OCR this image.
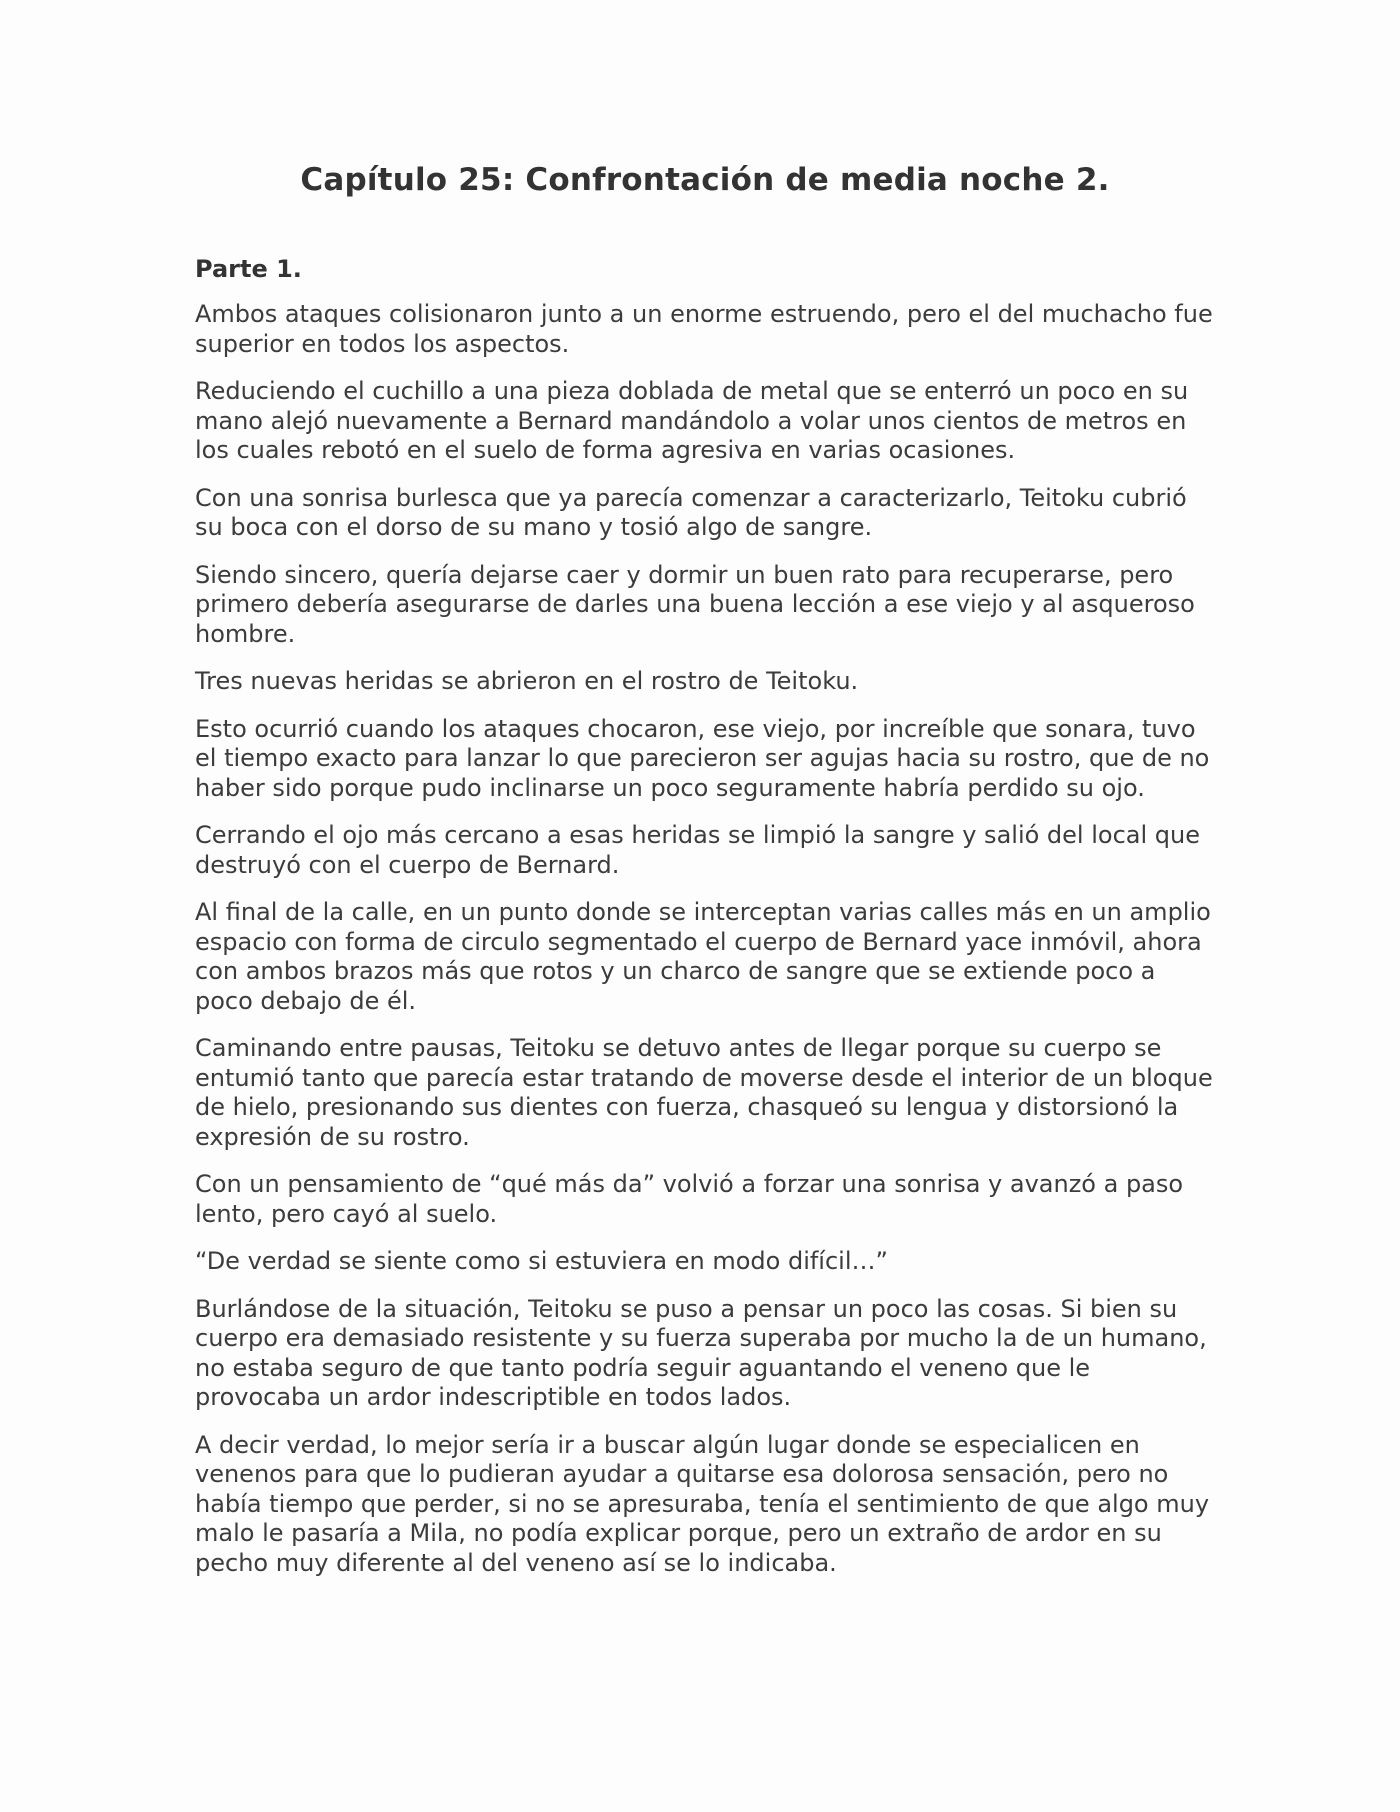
Capítulo 25: Confrontación de media noche 2.
Parte 1.

Ambos ataques colisionaron junto a un enorme estruendo, pero el del muchacho fue superior en todos los aspectos.

Reduciendo el cuchillo a una pieza doblada de metal que se enterró un poco en su mano alejó nuevamente a Bernard mandándolo a volar unos cientos de metros en los cuales rebotó en el suelo de forma agresiva en varias ocasiones.

Con una sonrisa burlesca que ya parecía comenzar a caracterizarlo, Teitoku cubrió su boca con el dorso de su mano y tosió algo de sangre.

Siendo sincero, quería dejarse caer y dormir un buen rato para recuperarse, pero primero debería asegurarse de darles una buena lección a ese viejo y al asqueroso hombre.

Tres nuevas heridas se abrieron en el rostro de Teitoku.

Esto ocurrió cuando los ataques chocaron, ese viejo, por increíble que sonara, tuvo el tiempo exacto para lanzar lo que parecieron ser agujas hacia su rostro, que de no haber sido porque pudo inclinarse un poco seguramente habría perdido su ojo.

Cerrando el ojo más cercano a esas heridas se limpió la sangre y salió del local que destruyó con el cuerpo de Bernard.

Al final de la calle, en un punto donde se interceptan varias calles más en un amplio espacio con forma de circulo segmentado el cuerpo de Bernard yace inmóvil, ahora con ambos brazos más que rotos y un charco de sangre que se extiende poco a poco debajo de él.

Caminando entre pausas, Teitoku se detuvo antes de llegar porque su cuerpo se entumió tanto que parecía estar tratando de moverse desde el interior de un bloque de hielo, presionando sus dientes con fuerza, chasqueó su lengua y distorsionó la expresión de su rostro.

Con un pensamiento de “qué más da” volvió a forzar una sonrisa y avanzó a paso lento, pero cayó al suelo.

“De verdad se siente como si estuviera en modo difícil…”

Burlándose de la situación, Teitoku se puso a pensar un poco las cosas. Si bien su cuerpo era demasiado resistente y su fuerza superaba por mucho la de un humano, no estaba seguro de que tanto podría seguir aguantando el veneno que le provocaba un ardor indescriptible en todos lados.

A decir verdad, lo mejor sería ir a buscar algún lugar donde se especialicen en venenos para que lo pudieran ayudar a quitarse esa dolorosa sensación, pero no había tiempo que perder, si no se apresuraba, tenía el sentimiento de que algo muy malo le pasaría a Mila, no podía explicar porque, pero un extraño de ardor en su pecho muy diferente al del veneno así se lo indicaba.
